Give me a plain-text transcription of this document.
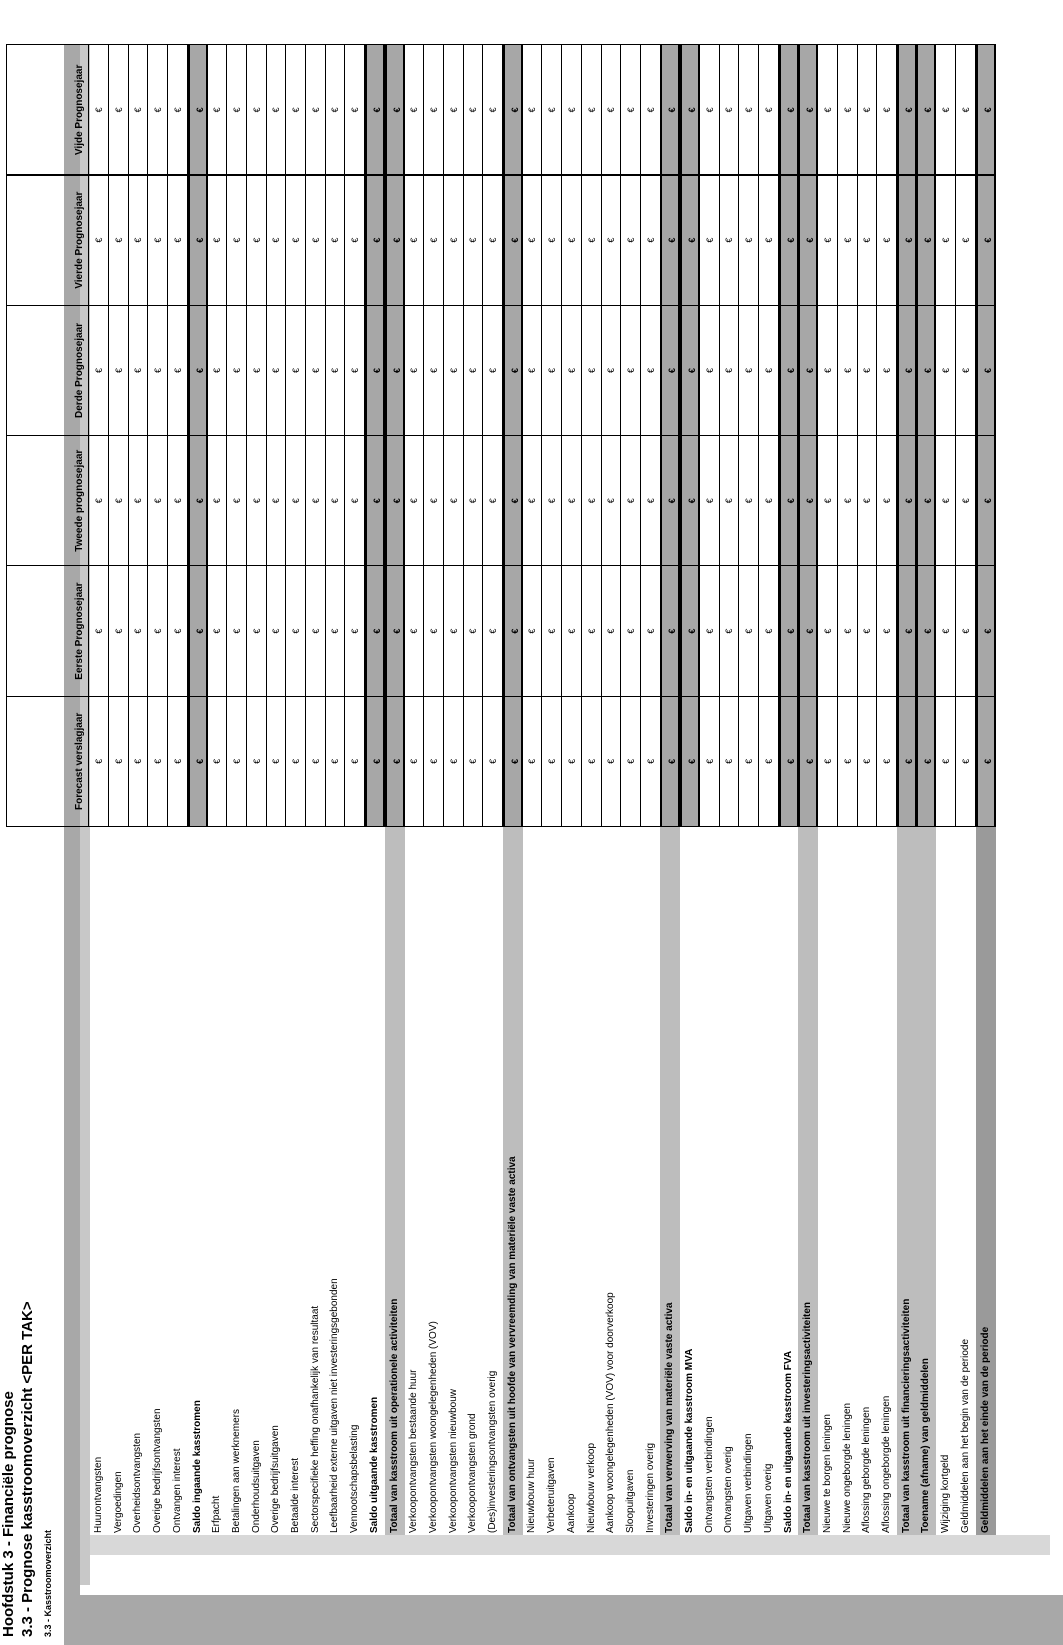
Hoofdstuk 3 - Financiële prognose 3.3 - Prognose kasstroomoverzicht <PER TAK> 3.3 - Kasstroomoverzicht
Huurontvangsten Vergoedingen Overheidsontvangsten Overige bedrijfsontvangsten Ontvangen interest Saldo ingaande kasstromen Erfpacht Betalingen aan werknemers Onderhoudsuitgaven Overige bedrijfsuitgaven Betaalde interest Sectorspecifieke heffing onafhankelijk van resultaat Leefbaarheid externe uitgaven niet investeringsgebonden Vennootschapsbelasting Saldo uitgaande kasstromen Totaal van kasstroom uit operationele activiteiten Verkoopontvangsten bestaande huur Verkoopontvangsten woongelegenheden (VOV) Verkoopontvangsten nieuwbouw Verkoopontvangsten grond (Des)investeringsontvangsten overig Totaal van ontvangsten uit hoofde van vervreemding van materiële vaste activa Nieuwbouw huur Verbeteruitgaven Aankoop Nieuwbouw verkoop Aankoop woongelegenheden (VOV) voor doorverkoop Sloopuitgaven Investeringen overig Totaal van verwerving van materiële vaste activa Saldo in- en uitgaande kasstroom MVA Ontvangsten verbindingen Ontvangsten overig Uitgaven verbindingen Uitgaven overig Saldo in- en uitgaande kasstroom FVA Totaal van kasstroom uit investeringsactiviteiten Nieuwe te borgen leningen Nieuwe ongeborgde leningen Aflossing geborgde leningen Aflossing ongeborgde leningen Totaal van kasstroom uit financieringsactiviteiten Toename (afname) van geldmiddelen Wijziging kortgeld Geldmiddelen aan het begin van de periode Geldmiddelen aan het einde van de periode
Forecast verslagjaar
Eerste Prognosejaar
Tweede prognosejaar
Derde Prognosejaar
Vierde Prognosejaar
Vijde Prognosejaar
€
€
€
€
€
€
€
€
€
€
€
€
€
€
€
€
€
€
€
€
€
€
€
€
€
€
€
€
€
€
€
€
€
€
€
€
€
€
€
€
€
€
€
€
€
€
€
€
€
€
€
€
€
€
€
€
€
€
€
€
€
€
€
€
€
€
€
€
€
€
€
€
€
€
€
€
€
€
€
€
€
€
€
€
€
€
€
€
€
€
€
€
€
€
€
€
€
€
€
€
€
€
€
€
€
€
€
€
€
€
€
€
€
€
€
€
€
€
€
€
€
€
€
€
€
€
€
€
€
€
€
€
€
€
€
€
€
€
€
€
€
€
€
€
€
€
€
€
€
€
€
€
€
€
€
€
€
€
€
€
€
€
€
€
€
€
€
€
€
€
€
€
€
€
€
€
€
€
€
€
€
€
€
€
€
€
€
€
€
€
€
€
€
€
€
€
€
€
€
€
€
€
€
€
€
€
€
€
€
€
€
€
€
€
€
€
€
€
€
€
€
€
€
€
€
€
€
€
€
€
€
€
€
€
€
€
€
€
€
€
€
€
€
€
€
€
€
€
€
€
€
€
€
€
€
€
€
€
€
€
€
€
€
€
€
€
€
€
€
€
€
€
€
€
€
€
